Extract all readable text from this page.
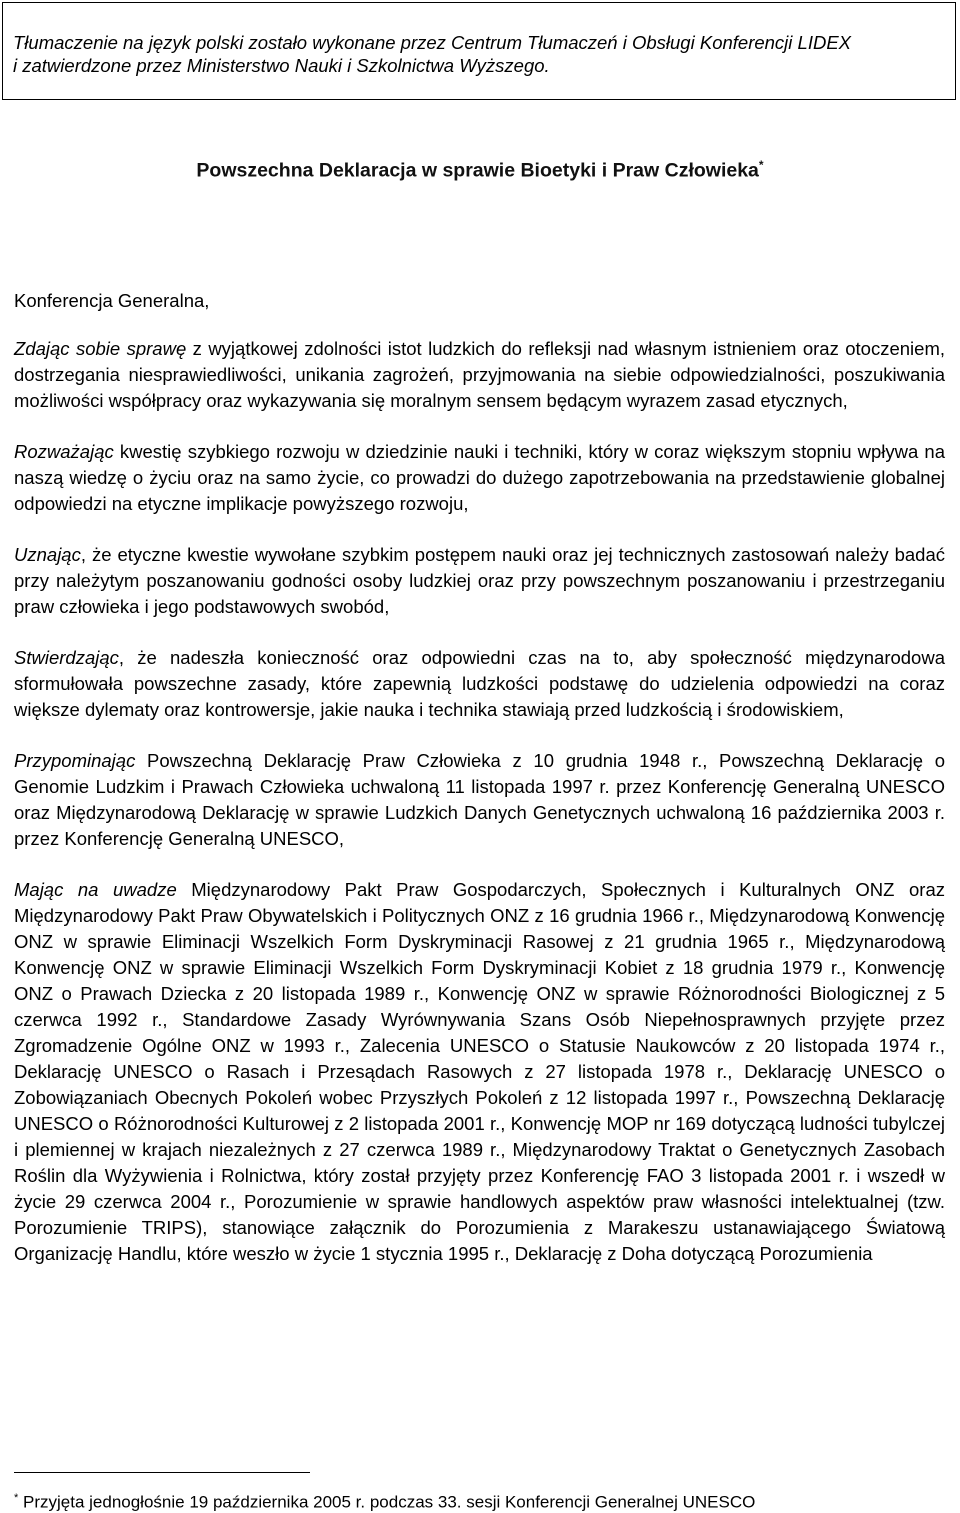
Tłumaczenie na język polski zostało wykonane przez Centrum Tłumaczeń i Obsługi Konferencji LIDEX
i zatwierdzone przez Ministerstwo Nauki i Szkolnictwa Wyższego.
Powszechna Deklaracja w sprawie Bioetyki i Praw Człowieka*

Konferencja Generalna,

Zdając sobie sprawę z wyjątkowej zdolności istot ludzkich do refleksji nad własnym istnieniem oraz otoczeniem, dostrzegania niesprawiedliwości, unikania zagrożeń, przyjmowania na siebie odpowiedzialności, poszukiwania możliwości współpracy oraz wykazywania się moralnym sensem będącym wyrazem zasad etycznych,

Rozważając kwestię szybkiego rozwoju w dziedzinie nauki i techniki, który w coraz większym stopniu wpływa na naszą wiedzę o życiu oraz na samo życie, co prowadzi do dużego zapotrzebowania na przedstawienie globalnej odpowiedzi na etyczne implikacje powyższego rozwoju,

Uznając, że etyczne kwestie wywołane szybkim postępem nauki oraz jej technicznych zastosowań należy badać przy należytym poszanowaniu godności osoby ludzkiej oraz przy powszechnym poszanowaniu i przestrzeganiu praw człowieka i jego podstawowych swobód,

Stwierdzając, że nadeszła konieczność oraz odpowiedni czas na to, aby społeczność międzynarodowa sformułowała powszechne zasady, które zapewnią ludzkości podstawę do udzielenia odpowiedzi na coraz większe dylematy oraz kontrowersje, jakie nauka i technika stawiają przed ludzkością i środowiskiem,

Przypominając Powszechną Deklarację Praw Człowieka z 10 grudnia 1948 r., Powszechną Deklarację o Genomie Ludzkim i Prawach Człowieka uchwaloną 11 listopada 1997 r. przez Konferencję Generalną UNESCO oraz Międzynarodową Deklarację w sprawie Ludzkich Danych Genetycznych uchwaloną 16 października 2003 r. przez Konferencję Generalną UNESCO,

Mając na uwadze Międzynarodowy Pakt Praw Gospodarczych, Społecznych i Kulturalnych ONZ oraz Międzynarodowy Pakt Praw Obywatelskich i Politycznych ONZ z 16 grudnia 1966 r., Międzynarodową Konwencję ONZ w sprawie Eliminacji Wszelkich Form Dyskryminacji Rasowej z 21 grudnia 1965 r., Międzynarodową Konwencję ONZ w sprawie Eliminacji Wszelkich Form Dyskryminacji Kobiet z 18 grudnia 1979 r., Konwencję ONZ o Prawach Dziecka z 20 listopada 1989 r., Konwencję ONZ w sprawie Różnorodności Biologicznej z 5 czerwca 1992 r., Standardowe Zasady Wyrównywania Szans Osób Niepełnosprawnych przyjęte przez Zgromadzenie Ogólne ONZ w 1993 r., Zalecenia UNESCO o Statusie Naukowców z 20 listopada 1974 r., Deklarację UNESCO o Rasach i Przesądach Rasowych z 27 listopada 1978 r., Deklarację UNESCO o Zobowiązaniach Obecnych Pokoleń wobec Przyszłych Pokoleń z 12 listopada 1997 r., Powszechną Deklarację UNESCO o Różnorodności Kulturowej z 2 listopada 2001 r., Konwencję MOP nr 169 dotyczącą ludności tubylczej i plemiennej w krajach niezależnych z 27 czerwca 1989 r., Międzynarodowy Traktat o Genetycznych Zasobach Roślin dla Wyżywienia i Rolnictwa, który został przyjęty przez Konferencję FAO 3 listopada 2001 r. i wszedł w życie 29 czerwca 2004 r., Porozumienie w sprawie handlowych aspektów praw własności intelektualnej (tzw. Porozumienie TRIPS), stanowiące załącznik do Porozumienia z Marakeszu ustanawiającego Światową Organizację Handlu, które weszło w życie 1 stycznia 1995 r., Deklarację z Doha dotyczącą Porozumienia

* Przyjęta jednogłośnie 19 października 2005 r. podczas 33. sesji Konferencji Generalnej UNESCO
